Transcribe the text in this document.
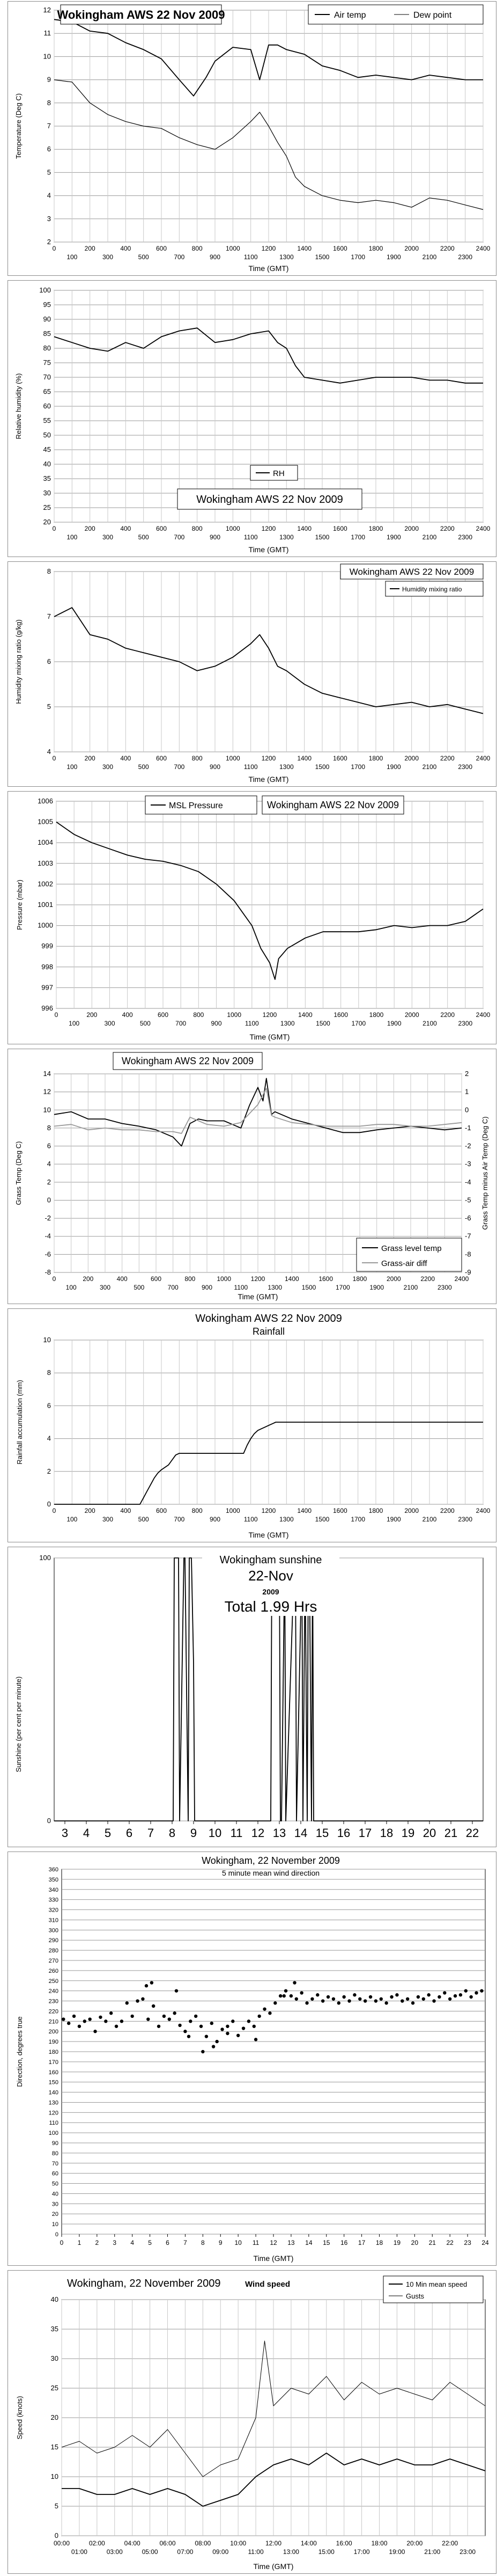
2
3
4
5
6
7
8
9
10
11
12
0	200	400	600	800	1000	1200	1400	1600	1800	2000	2200	2400
100	300	500	700	900	1100	1300	1500	1700	1900	2100	2300
Wokingham AWS 22 Nov 2009	Air temp	Dew point
Time (GMT)
Temperature (Deg C)
20
25
30
35
40
45
50
55
60
65
70
75
80
85
90
95
100
0	200	400	600	800	1000	1200	1400	1600	1800	2000	2200	2400
100	300	500	700	900	1100	1300	1500	1700	1900	2100	2300
RH
Wokingham AWS 22 Nov 2009
Time (GMT)
Relative humidity (%)
4
5
6
7
8
0	200	400	600	800	1000	1200	1400	1600	1800	2000	2200	2400
100	300	500	700	900	1100	1300	1500	1700	1900	2100	2300
Wokingham AWS 22 Nov 2009
Humidity mixing ratio
Time (GMT)
Humidity mixing ratio (g/kg)
996
997
998
999
1000
1001
1002
1003
1004
1005
1006
0	200	400	600	800	1000	1200	1400	1600	1800	2000	2200	2400
100	300	500	700	900	1100	1300	1500	1700	1900	2100	2300
MSL Pressure	Wokingham AWS 22 Nov 2009
Time (GMT)
Pressure (mbar)
-8
-6
-4
-2
0
2
4
6
8
10
12
14
-9
-8
-7
-6
-5
-4
-3
-2
-1
0
1
2
0	200	400	600	800	1000	1200	1400	1600	1800	2000	2200	2400
100	300	500	700	900	1100	1300	1500	1700	1900	2100	2300
Wokingham AWS 22 Nov 2009
Grass level temp
Grass-air diff
Time (GMT)
Grass Temp (Deg C)	Grass Temp minus Air Temp (Deg C)
0
2
4
6
8
10
0	200	400	600	800	1000	1200	1400	1600	1800	2000	2200	2400
100	300	500	700	900	1100	1300	1500	1700	1900	2100	2300
Wokingham AWS 22 Nov 2009
Rainfall
Time (GMT)
Rainfall accumulation (mm)
0
100
3 4 5 6 7 8 9 10 11 12 13 14 15 16 17 18 19 20 21 22
Wokingham sunshine
22-Nov
2009
Total 1.99 Hrs
Sunshine (per cent per minute)
0
10
20
30
40
50
60
70
80
90
100
110
120
130
140
150
160
170
180
190
200
210
220
230
240
250
260
270
280
290
300
310
320
330
340
350
360
0 1 2 3 4 5 6 7 8 9 10 11 12 13 14 15 16 17 18 19 20 21 22 23 24
Wokingham, 22 November 2009
5 minute mean wind direction
Time (GMT)
Direction, degrees true
0
5
10
15
20
25
30
35
40
00:00	02:00	04:00	06:00	08:00	10:00	12:00	14:00	16:00	18:00	20:00	22:00
01:00	03:00	05:00	07:00	09:00	11:00	13:00	15:00	17:00	19:00	21:00	23:00
Wokingham, 22 November 2009	Wind speed	10 Min mean speed
Gusts
Time (GMT)
Speed (knots)
